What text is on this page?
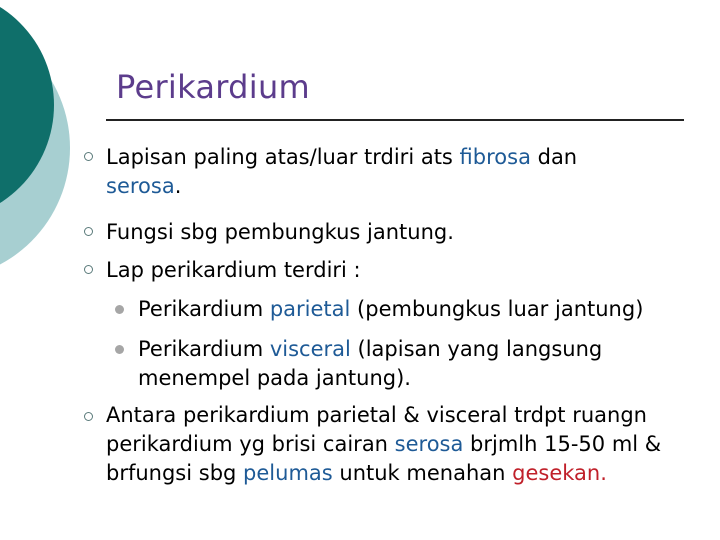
Perikardium
Lapisan paling atas/luar trdiri ats fibrosa dan
serosa.
Fungsi sbg pembungkus jantung.
Lap perikardium terdiri :
Perikardium parietal (pembungkus luar jantung)
Perikardium visceral (lapisan yang langsung
menempel pada jantung).
Antara perikardium parietal & visceral trdpt ruangn
perikardium yg brisi cairan serosa brjmlh 15-50 ml &
brfungsi sbg pelumas untuk menahan gesekan.
